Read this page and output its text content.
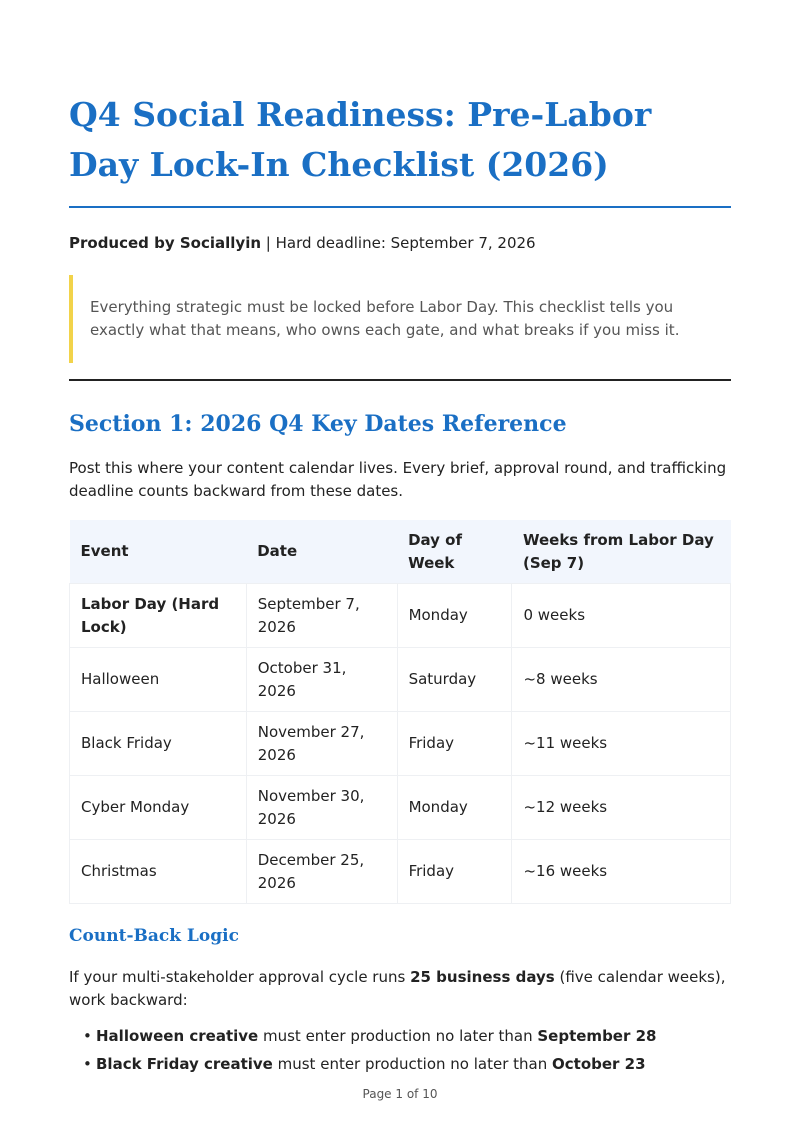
Q4 Social Readiness: Pre-Labor Day Lock-In Checklist (2026)
Produced by Sociallyin | Hard deadline: September 7, 2026
Everything strategic must be locked before Labor Day. This checklist tells you exactly what that means, who owns each gate, and what breaks if you miss it.
Section 1: 2026 Q4 Key Dates Reference
Post this where your content calendar lives. Every brief, approval round, and trafficking deadline counts backward from these dates.
Event	Date	Day of Week	Weeks from Labor Day (Sep 7)
Labor Day (Hard Lock)	September 7, 2026	Monday	0 weeks
Halloween	October 31, 2026	Saturday	~8 weeks
Black Friday	November 27, 2026	Friday	~11 weeks
Cyber Monday	November 30, 2026	Monday	~12 weeks
Christmas	December 25, 2026	Friday	~16 weeks
Count-Back Logic
If your multi-stakeholder approval cycle runs 25 business days (five calendar weeks), work backward:
• Halloween creative must enter production no later than September 28
• Black Friday creative must enter production no later than October 23
Page 1 of 10
